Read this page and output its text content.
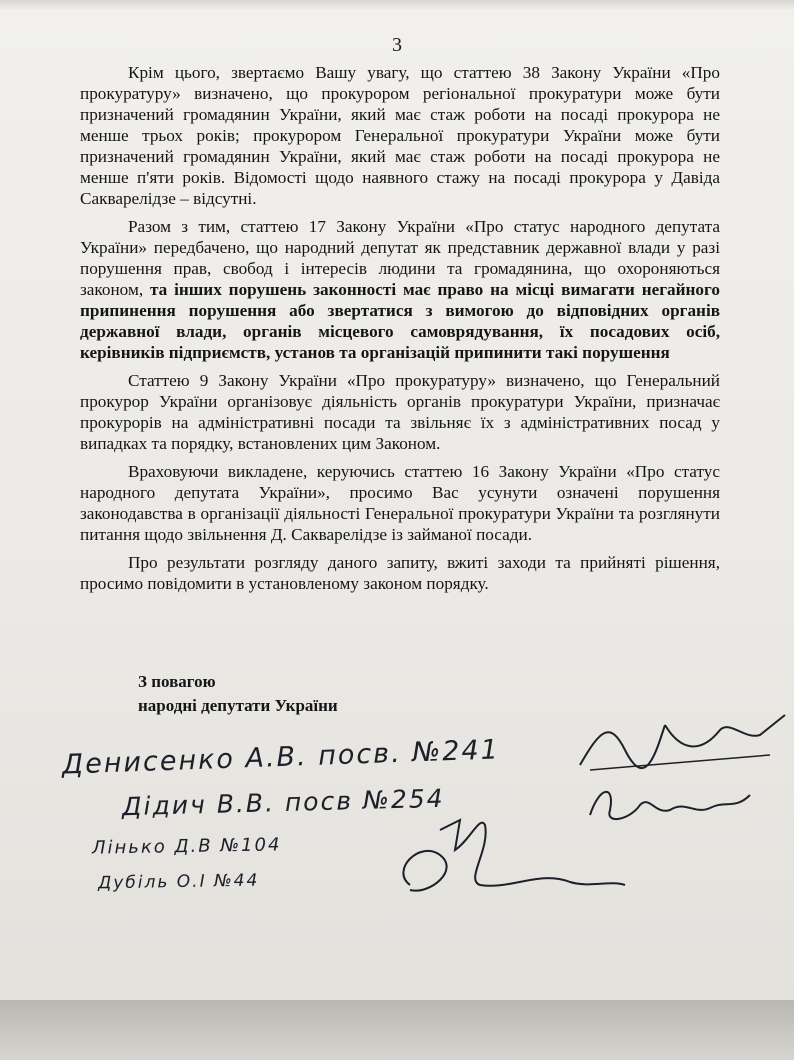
3

Крім цього, звертаємо Вашу увагу, що статтею 38 Закону України «Про прокуратуру» визначено, що прокурором регіональної прокуратури може бути призначений громадянин України, який має стаж роботи на посаді прокурора не менше трьох років; прокурором Генеральної прокуратури України може бути призначений громадянин України, який має стаж роботи на посаді прокурора не менше п'яти років. Відомості щодо наявного стажу на посаді прокурора у Давіда Сакварелідзе – відсутні.

Разом з тим, статтею 17 Закону України «Про статус народного депутата України» передбачено, що народний депутат як представник державної влади у разі порушення прав, свобод і інтересів людини та громадянина, що охороняються законом, та інших порушень законності має право на місці вимагати негайного припинення порушення або звертатися з вимогою до відповідних органів державної влади, органів місцевого самоврядування, їх посадових осіб, керівників підприємств, установ та організацій припинити такі порушення

Статтею 9 Закону України «Про прокуратуру» визначено, що Генеральний прокурор України організовує діяльність органів прокуратури України, призначає прокурорів на адміністративні посади та звільняє їх з адміністративних посад у випадках та порядку, встановлених цим Законом.

Враховуючи викладене, керуючись статтею 16 Закону України «Про статус народного депутата України», просимо Вас усунути означені порушення законодавства в організації діяльності Генеральної прокуратури України та розглянути питання щодо звільнення Д. Сакварелідзе із займаної посади.

Про результати розгляду даного запиту, вжиті заходи та прийняті рішення, просимо повідомити в установленому законом порядку.

З повагою
народні депутати України
Денисенко А.В. посв. №241
Дідич В.В. посв №254
Лінько Д.В №104
Дубіль О.І №44
